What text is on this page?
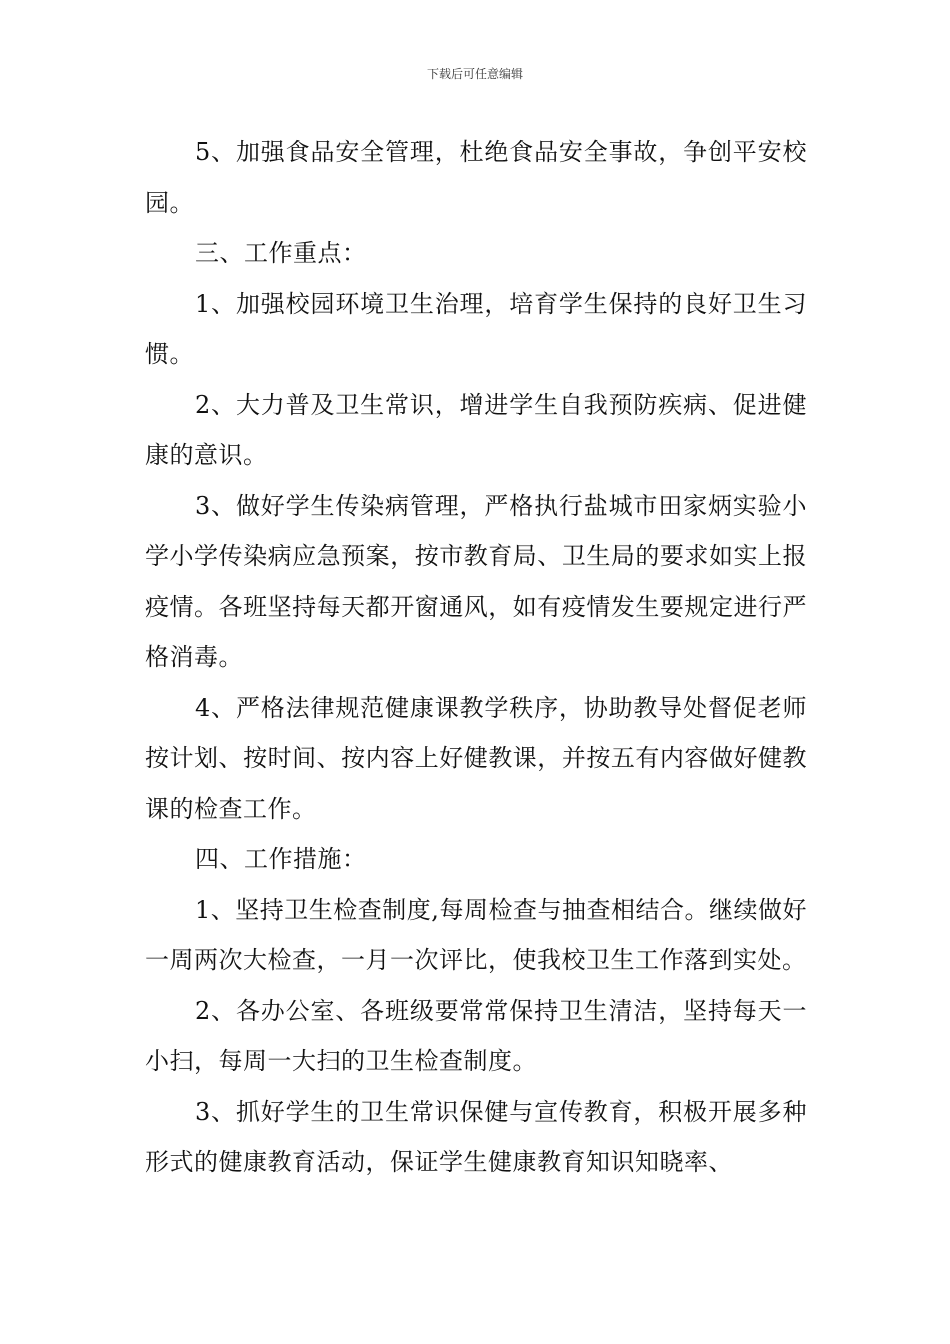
下载后可任意编辑

5、加强食品安全管理，杜绝食品安全事故，争创平安校园。

三、工作重点：

1、加强校园环境卫生治理，培育学生保持的良好卫生习惯。

2、大力普及卫生常识，增进学生自我预防疾病、促进健康的意识。

3、做好学生传染病管理，严格执行盐城市田家炳实验小学小学传染病应急预案，按市教育局、卫生局的要求如实上报疫情。各班坚持每天都开窗通风，如有疫情发生要规定进行严格消毒。

4、严格法律规范健康课教学秩序，协助教导处督促老师按计划、按时间、按内容上好健教课，并按五有内容做好健教课的检查工作。

四、工作措施：

1、坚持卫生检查制度,每周检查与抽查相结合。继续做好一周两次大检查，一月一次评比，使我校卫生工作落到实处。

2、各办公室、各班级要常常保持卫生清洁，坚持每天一小扫，每周一大扫的卫生检查制度。

3、抓好学生的卫生常识保健与宣传教育，积极开展多种形式的健康教育活动，保证学生健康教育知识知晓率、
